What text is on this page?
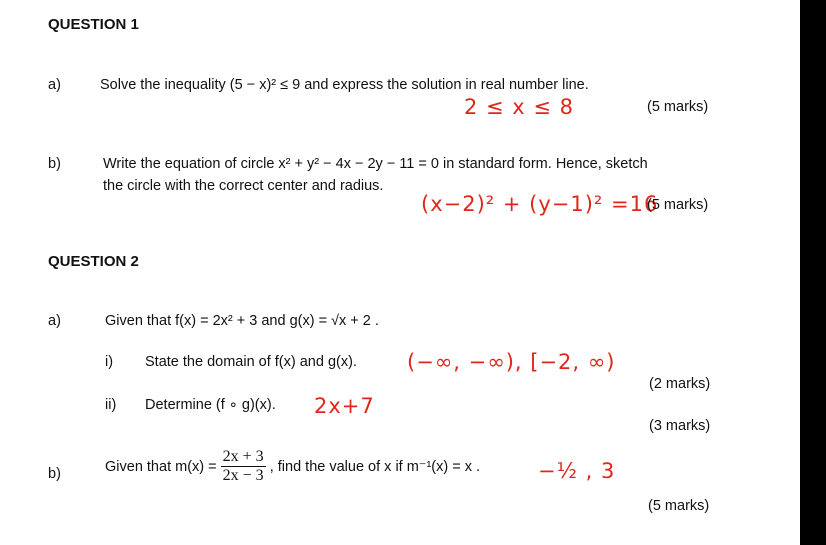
QUESTION 1
a)	Solve the inequality (5 − x)² ≤ 9 and express the solution in real number line.
2 ≤ x ≤ 8	(5 marks)
b)	Write the equation of circle x² + y² − 4x − 2y − 11 = 0 in standard form. Hence, sketch
the circle with the correct center and radius.
(x−2)² + (y−1)² =16
(5 marks)
QUESTION 2
a)	Given that f(x) = 2x² + 3 and g(x) = √x + 2 .
i) State the domain of f(x) and g(x). (−∞, −∞), [−2, ∞)
(2 marks)
ii) Determine (f ∘ g)(x). 2x+7
(3 marks)
b)	Given that $m(x) = \frac{2x + 3}{2x - 3}$ , find the value of x if m⁻¹(x) = x .	−½ , 3
(5 marks)
